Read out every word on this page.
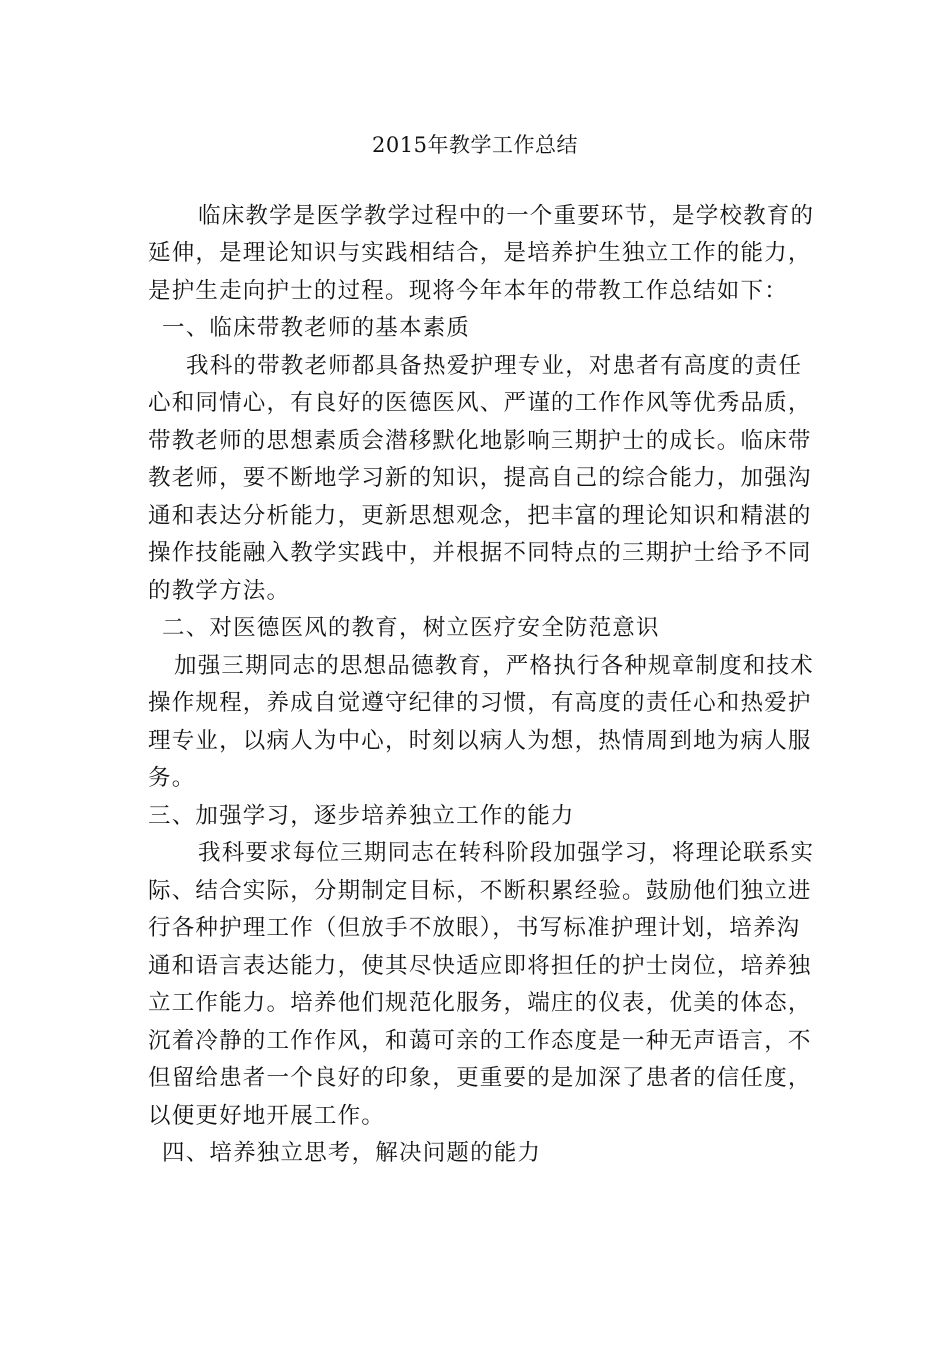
2015年教学工作总结
临床教学是医学教学过程中的一个重要环节，是学校教育的
延伸，是理论知识与实践相结合，是培养护生独立工作的能力，
是护生走向护士的过程。现将今年本年的带教工作总结如下：
一、临床带教老师的基本素质
我科的带教老师都具备热爱护理专业，对患者有高度的责任
心和同情心，有良好的医德医风、严谨的工作作风等优秀品质，
带教老师的思想素质会潜移默化地影响三期护士的成长。临床带
教老师，要不断地学习新的知识，提高自己的综合能力，加强沟
通和表达分析能力，更新思想观念，把丰富的理论知识和精湛的
操作技能融入教学实践中，并根据不同特点的三期护士给予不同
的教学方法。
二、对医德医风的教育，树立医疗安全防范意识
加强三期同志的思想品德教育，严格执行各种规章制度和技术
操作规程，养成自觉遵守纪律的习惯，有高度的责任心和热爱护
理专业，以病人为中心，时刻以病人为想，热情周到地为病人服
务。
三、加强学习，逐步培养独立工作的能力
我科要求每位三期同志在转科阶段加强学习，将理论联系实
际、结合实际，分期制定目标，不断积累经验。鼓励他们独立进
行各种护理工作（但放手不放眼），书写标准护理计划，培养沟
通和语言表达能力，使其尽快适应即将担任的护士岗位，培养独
立工作能力。培养他们规范化服务，端庄的仪表，优美的体态，
沉着冷静的工作作风，和蔼可亲的工作态度是一种无声语言，不
但留给患者一个良好的印象，更重要的是加深了患者的信任度，
以便更好地开展工作。
四、培养独立思考，解决问题的能力
